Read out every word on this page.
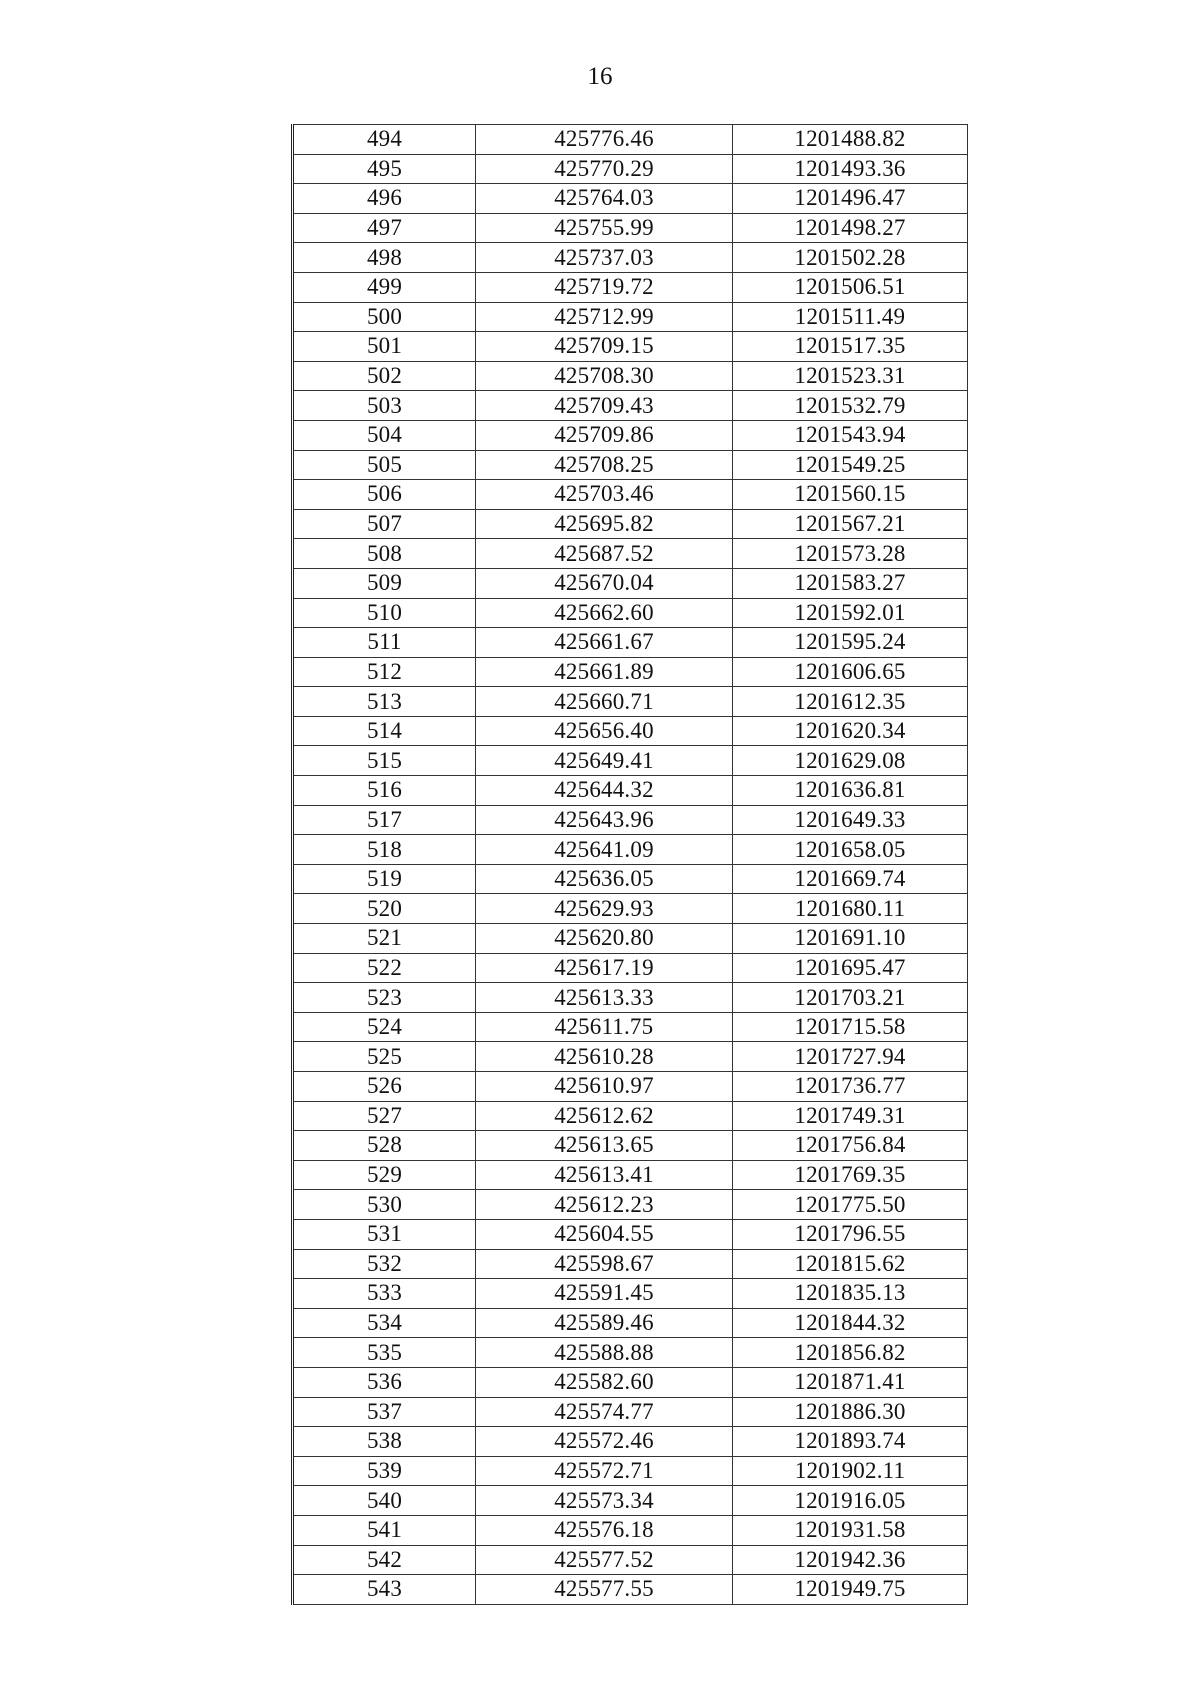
16
494	425776.46	1201488.82
495	425770.29	1201493.36
496	425764.03	1201496.47
497	425755.99	1201498.27
498	425737.03	1201502.28
499	425719.72	1201506.51
500	425712.99	1201511.49
501	425709.15	1201517.35
502	425708.30	1201523.31
503	425709.43	1201532.79
504	425709.86	1201543.94
505	425708.25	1201549.25
506	425703.46	1201560.15
507	425695.82	1201567.21
508	425687.52	1201573.28
509	425670.04	1201583.27
510	425662.60	1201592.01
511	425661.67	1201595.24
512	425661.89	1201606.65
513	425660.71	1201612.35
514	425656.40	1201620.34
515	425649.41	1201629.08
516	425644.32	1201636.81
517	425643.96	1201649.33
518	425641.09	1201658.05
519	425636.05	1201669.74
520	425629.93	1201680.11
521	425620.80	1201691.10
522	425617.19	1201695.47
523	425613.33	1201703.21
524	425611.75	1201715.58
525	425610.28	1201727.94
526	425610.97	1201736.77
527	425612.62	1201749.31
528	425613.65	1201756.84
529	425613.41	1201769.35
530	425612.23	1201775.50
531	425604.55	1201796.55
532	425598.67	1201815.62
533	425591.45	1201835.13
534	425589.46	1201844.32
535	425588.88	1201856.82
536	425582.60	1201871.41
537	425574.77	1201886.30
538	425572.46	1201893.74
539	425572.71	1201902.11
540	425573.34	1201916.05
541	425576.18	1201931.58
542	425577.52	1201942.36
543	425577.55	1201949.75
